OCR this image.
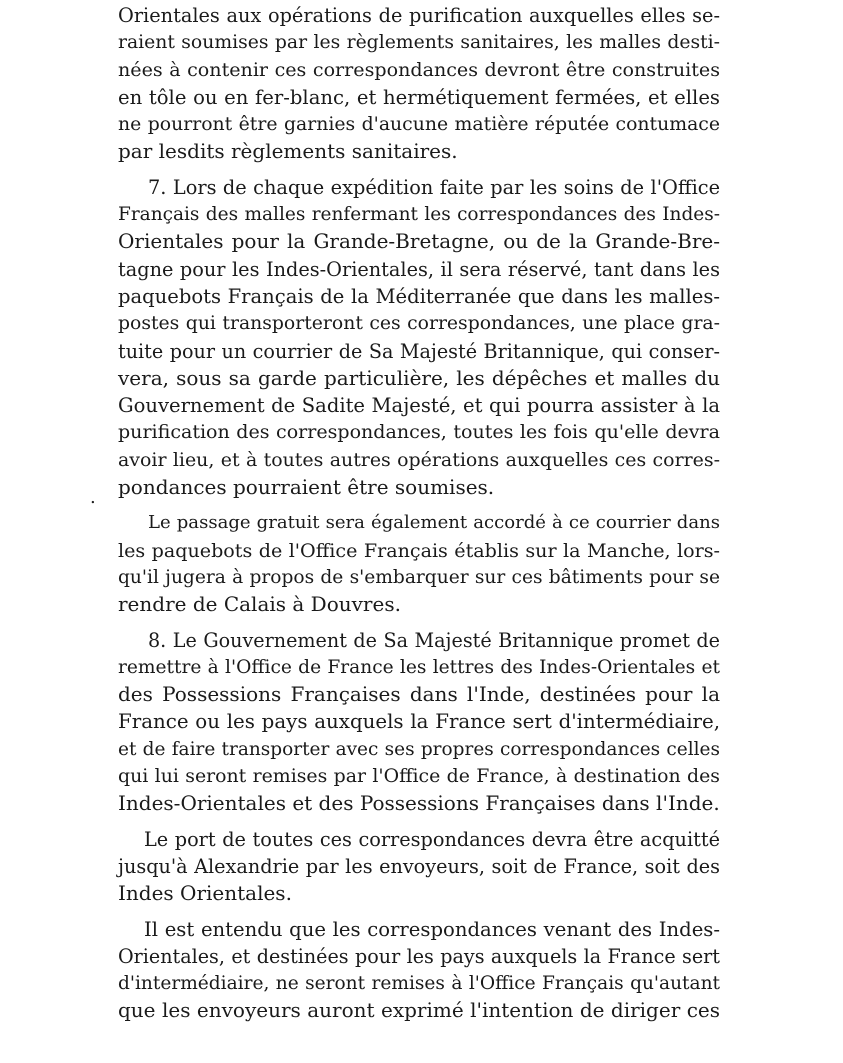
.
Orientales aux opérations de purification auxquelles elles se-
raient soumises par les règlements sanitaires, les malles desti-
nées à contenir ces correspondances devront être construites
en tôle ou en fer-blanc, et hermétiquement fermées, et elles
ne pourront être garnies d'aucune matière réputée contumace
par lesdits règlements sanitaires.
7. Lors de chaque expédition faite par les soins de l'Office
Français des malles renfermant les correspondances des Indes-
Orientales pour la Grande-Bretagne, ou de la Grande-Bre-
tagne pour les Indes-Orientales, il sera réservé, tant dans les
paquebots Français de la Méditerranée que dans les malles-
postes qui transporteront ces correspondances, une place gra-
tuite pour un courrier de Sa Majesté Britannique, qui conser-
vera, sous sa garde particulière, les dépêches et malles du
Gouvernement de Sadite Majesté, et qui pourra assister à la
purification des correspondances, toutes les fois qu'elle devra
avoir lieu, et à toutes autres opérations auxquelles ces corres-
pondances pourraient être soumises.
Le passage gratuit sera également accordé à ce courrier dans
les paquebots de l'Office Français établis sur la Manche, lors-
qu'il jugera à propos de s'embarquer sur ces bâtiments pour se
rendre de Calais à Douvres.
8. Le Gouvernement de Sa Majesté Britannique promet de
remettre à l'Office de France les lettres des Indes-Orientales et
des Possessions Françaises dans l'Inde, destinées pour la
France ou les pays auxquels la France sert d'intermédiaire,
et de faire transporter avec ses propres correspondances celles
qui lui seront remises par l'Office de France, à destination des
Indes-Orientales et des Possessions Françaises dans l'Inde.
Le port de toutes ces correspondances devra être acquitté
jusqu'à Alexandrie par les envoyeurs, soit de France, soit des
Indes Orientales.
Il est entendu que les correspondances venant des Indes-
Orientales, et destinées pour les pays auxquels la France sert
d'intermédiaire, ne seront remises à l'Office Français qu'autant
que les envoyeurs auront exprimé l'intention de diriger ces
